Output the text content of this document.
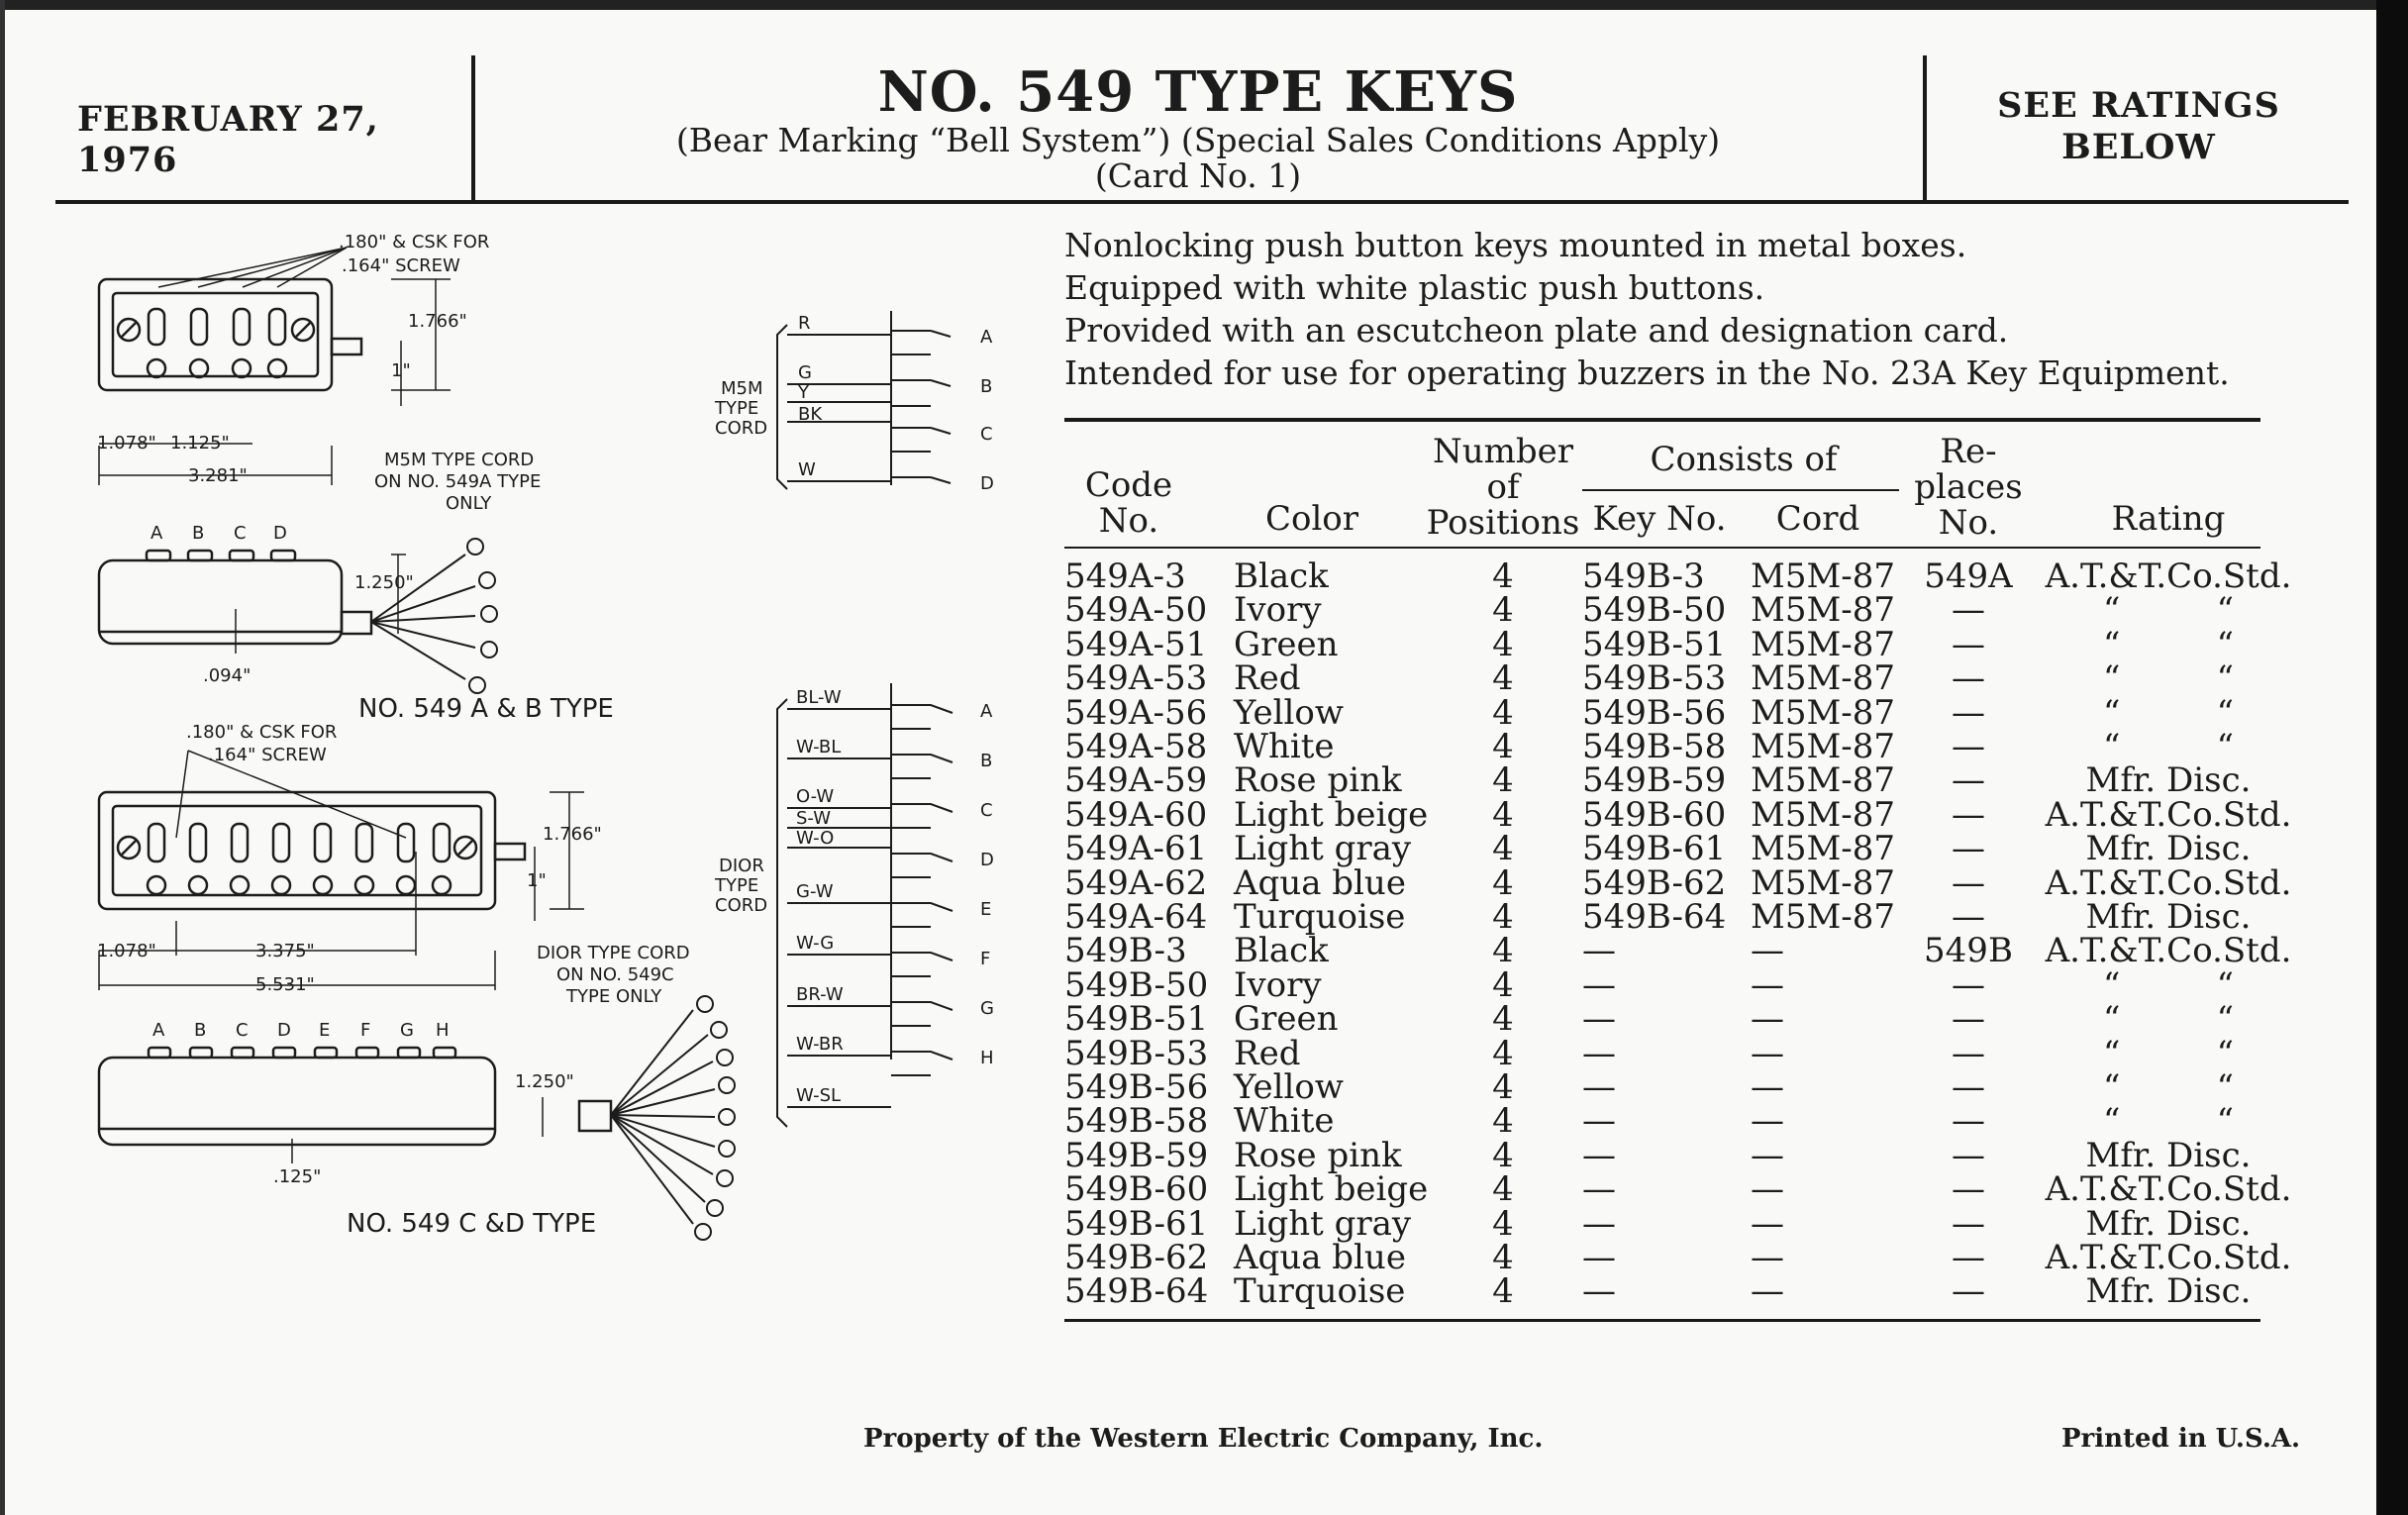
FEBRUARY 27, 1976
NO. 549 TYPE KEYS
(Bear Marking “Bell System”) (Special Sales Conditions Apply)
(Card No. 1)
SEE RATINGS
BELOW
Nonlocking push button keys mounted in metal boxes.
Equipped with white plastic push buttons.
Provided with an escutcheon plate and designation card.
Intended for use for operating buzzers in the No. 23A Key Equipment.
Code
No.	Color
Number
of
Positions
Consists of
Key No.	Cord
Re-
places
No.	Rating
549A-3	Black	4	549B-3	M5M-87 549A A.T.&T.Co.Std.
549A-50 Ivory	4	549B-50 M5M-87	—	“         “
549A-51 Green	4	549B-51 M5M-87	—	“         “
549A-53 Red	4	549B-53 M5M-87	—	“         “
549A-56 Yellow	4	549B-56 M5M-87	—	“         “
549A-58 White	4	549B-58 M5M-87	—	“         “
549A-59 Rose pink	4	549B-59 M5M-87	—	Mfr. Disc.
549A-60 Light beige	4	549B-60 M5M-87	—	A.T.&T.Co.Std.
549A-61 Light gray	4	549B-61 M5M-87	—	Mfr. Disc.
549A-62 Aqua blue	4	549B-62 M5M-87	—	A.T.&T.Co.Std.
549A-64 Turquoise	4	549B-64 M5M-87	—	Mfr. Disc.
549B-3	Black	4	—	—	549B A.T.&T.Co.Std.
549B-50 Ivory	4	—	—	—	“         “
549B-51 Green	4	—	—	—	“         “
549B-53 Red	4	—	—	—	“         “
549B-56 Yellow	4	—	—	—	“         “
549B-58 White	4	—	—	—	“         “
549B-59 Rose pink	4	—	—	—	Mfr. Disc.
549B-60 Light beige	4	—	—	—	A.T.&T.Co.Std.
549B-61 Light gray	4	—	—	—	Mfr. Disc.
549B-62 Aqua blue	4	—	—	—	A.T.&T.Co.Std.
549B-64 Turquoise	4	—	—	—	Mfr. Disc.
.180" & CSK FOR
.164" SCREW
1.766"
1"
1.078" 1.125"
3.281"
M5M TYPE CORD
ON NO. 549A TYPE
ONLY
A B C D
1.250"
.094"
NO. 549 A & B TYPE
.180" & CSK FOR
.164" SCREW
1.766"
1"
1.078"	3.375"
5.531"
DIOR TYPE CORD
ON NO. 549C
TYPE ONLY
A B C D E F G H
1.250"
.125"
NO. 549 C &D TYPE
M5M
TYPE
CORD
R
G
Y
BK
W
A
B
C
D
DIOR
TYPE
CORD
BL-W
W-BL
O-W
S-W
W-O
G-W
W-G
BR-W
W-BR
W-SL
A
B
C
D
E
F
G
H
Property of the Western Electric Company, Inc.	Printed in U.S.A.
